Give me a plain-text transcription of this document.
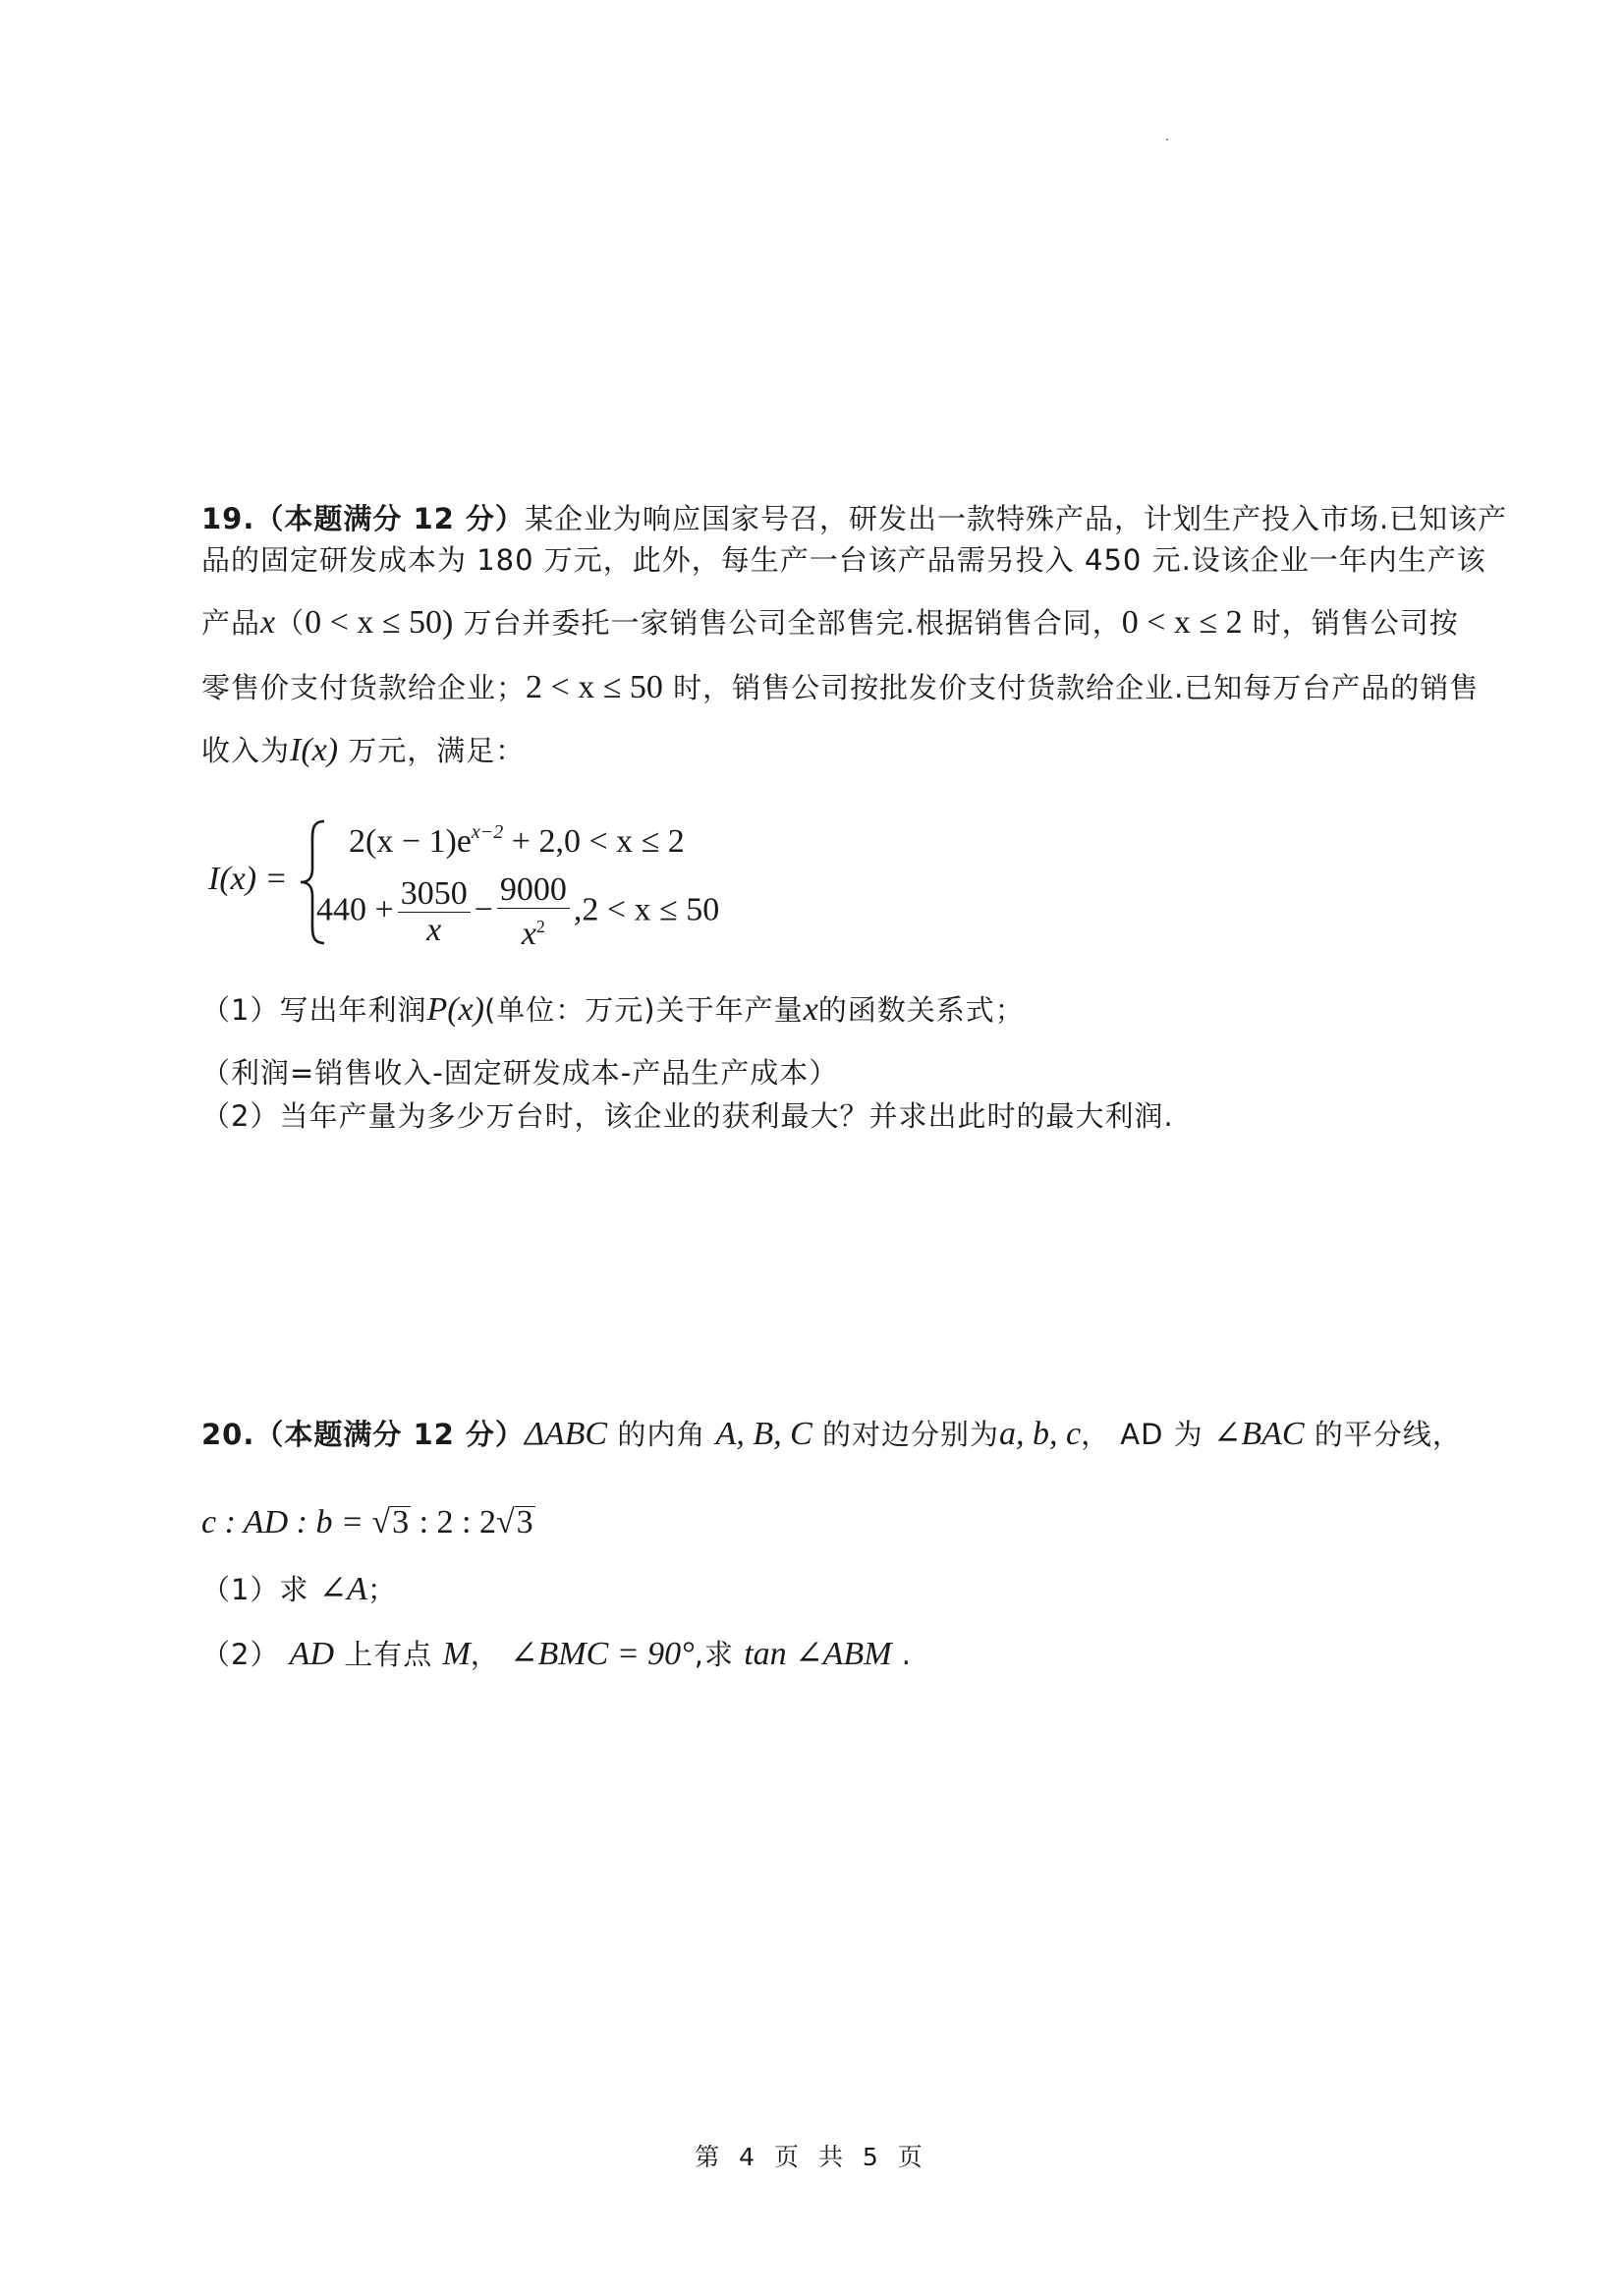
19.（本题满分 12 分）某企业为响应国家号召，研发出一款特殊产品，计划生产投入市场.已知该产
品的固定研发成本为 180 万元，此外，每生产一台该产品需另投入 450 元.设该企业一年内生产该
产品x（0 < x ≤ 50) 万台并委托一家销售公司全部售完.根据销售合同，0 < x ≤ 2 时，销售公司按
零售价支付货款给企业；2 < x ≤ 50 时，销售公司按批发价支付货款给企业.已知每万台产品的销售
收入为I(x) 万元，满足：
I(x) =
$2(x - 1)e^{x-2} + 2,0 < x \le 2$
$440 + \frac{3050}{x} - \frac{9000}{x^2} ,2 < x \le 50$
（1）写出年利润P(x)(单位：万元)关于年产量x的函数关系式；
（利润=销售收入-固定研发成本-产品生产成本）
（2）当年产量为多少万台时，该企业的获利最大？并求出此时的最大利润.
20.（本题满分 12 分）ΔABC 的内角 A, B, C 的对边分别为a, b, c， AD 为 ∠BAC 的平分线，
c : AD : b = √3 : 2 : 2√3
（1）求 ∠A；
（2） AD 上有点 M， ∠BMC = 90°,求 tan ∠ABM .
第 4 页 共 5 页
